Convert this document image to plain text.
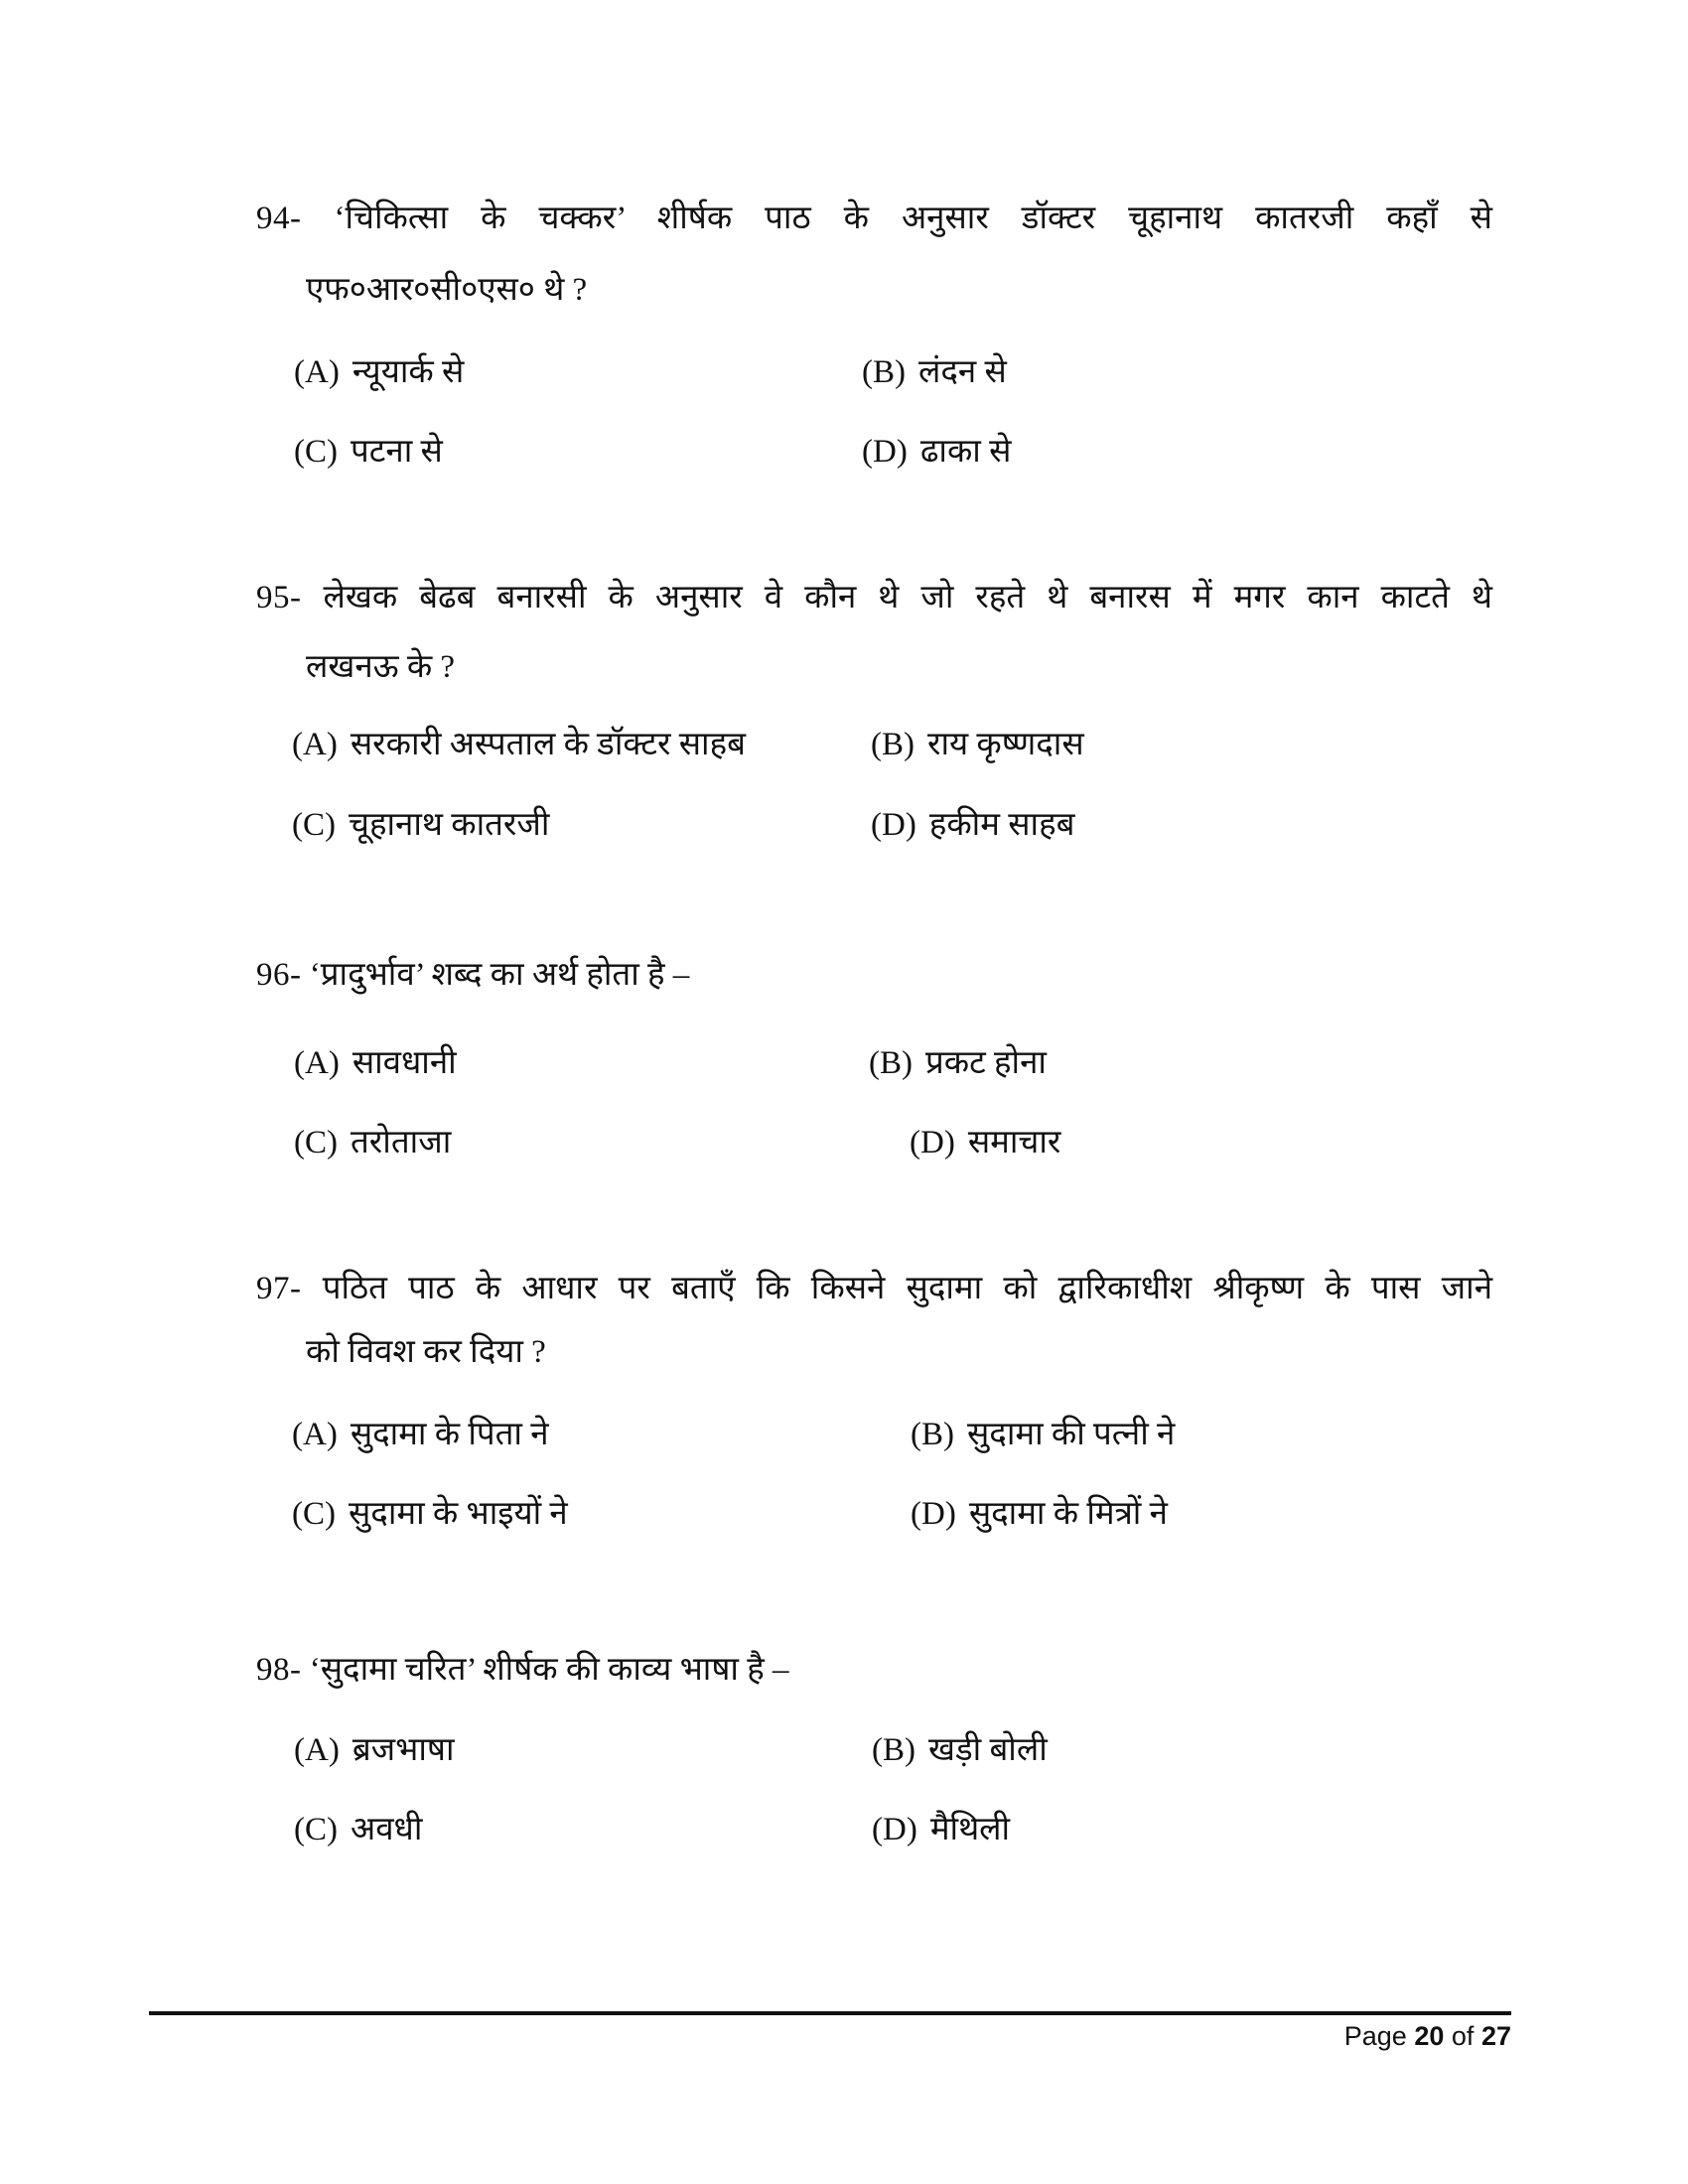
94- ‘चिकित्सा के चक्कर’ शीर्षक पाठ के अनुसार डॉक्टर चूहानाथ कातरजी कहाँ से
एफ०आर०सी०एस० थे ?
(A) न्यूयार्क से	(B) लंदन से
(C) पटना से	(D) ढाका से
95- लेखक बेढब बनारसी के अनुसार वे कौन थे जो रहते थे बनारस में मगर कान काटते थे
लखनऊ के ?
(A) सरकारी अस्पताल के डॉक्टर साहब	(B) राय कृष्णदास
(C) चूहानाथ कातरजी	(D) हकीम साहब
96- ‘प्रादुर्भाव’ शब्द का अर्थ होता है –
(A) सावधानी	(B) प्रकट होना
(C) तरोताजा	(D) समाचार
97- पठित पाठ के आधार पर बताएँ कि किसने सुदामा को द्वारिकाधीश श्रीकृष्ण के पास जाने
को विवश कर दिया ?
(A) सुदामा के पिता ने	(B) सुदामा की पत्नी ने
(C) सुदामा के भाइयों ने	(D) सुदामा के मित्रों ने
98- ‘सुदामा चरित’ शीर्षक की काव्य भाषा है –
(A) ब्रजभाषा	(B) खड़ी बोली
(C) अवधी	(D) मैथिली
Page 20 of 27
